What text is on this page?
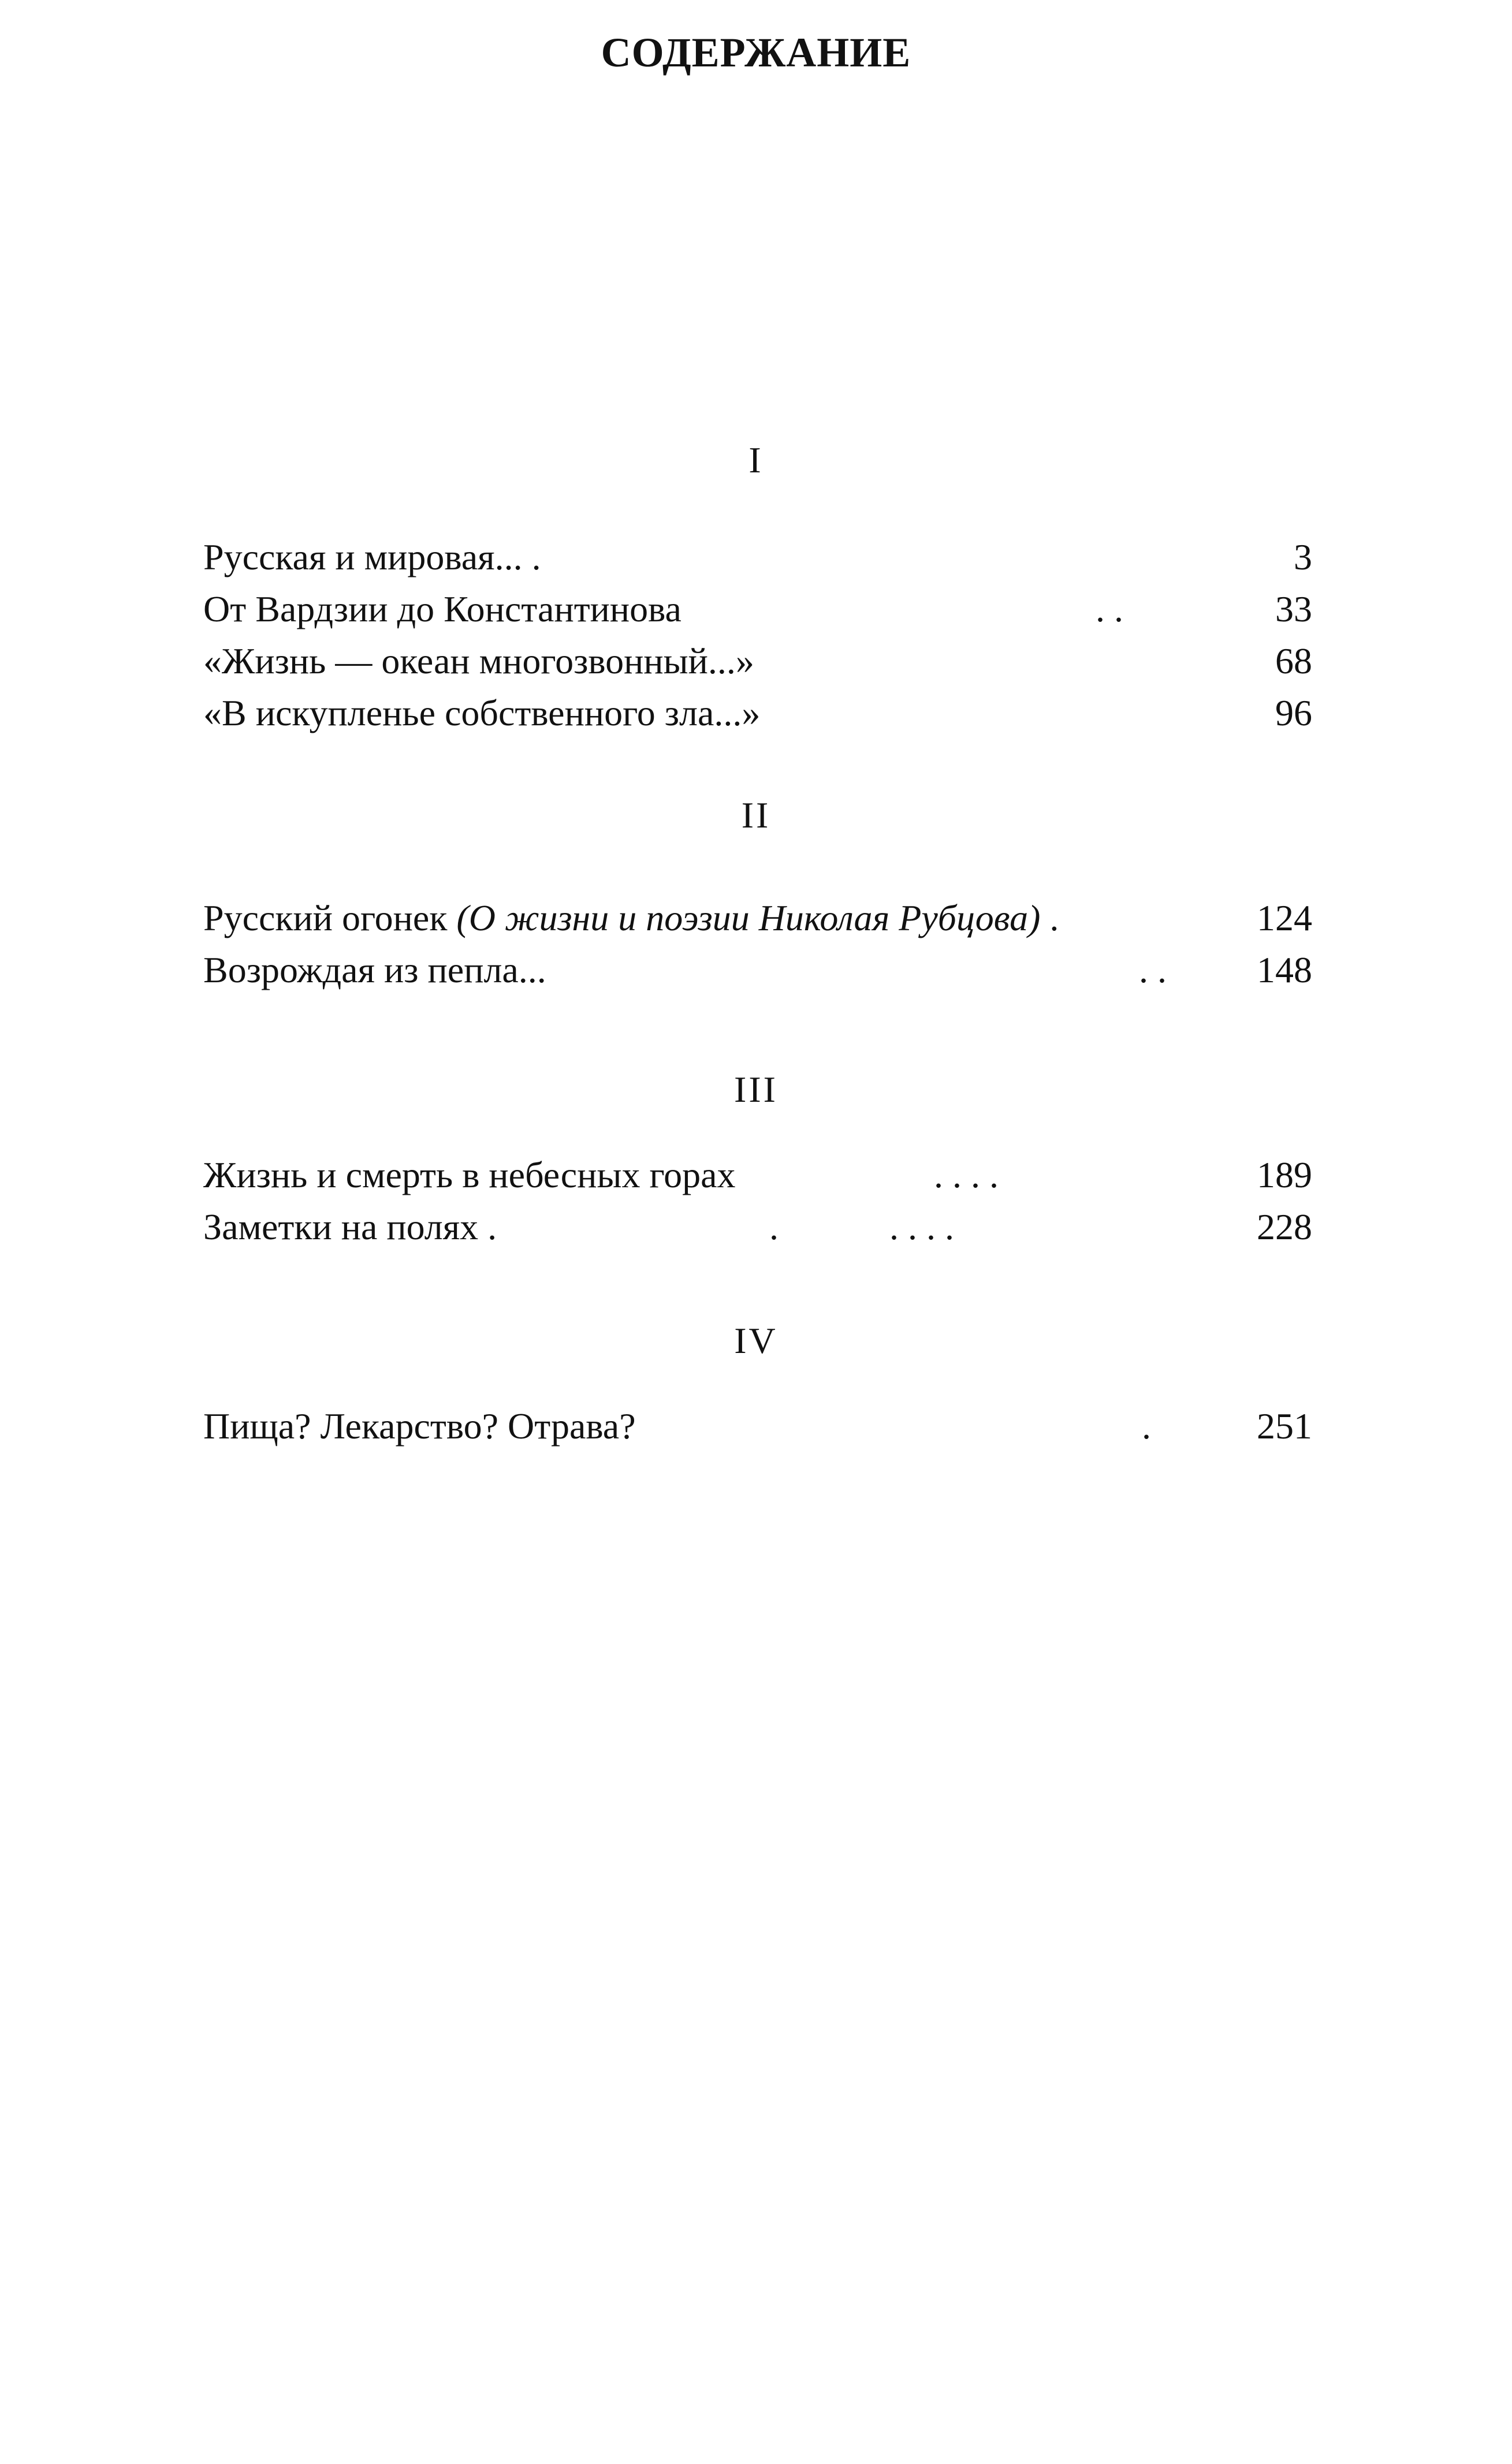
СОДЕРЖАНИЕ
I
Русская и мировая... .	3
От Вардзии до Константинова	. .	33
«Жизнь — океан многозвонный...»	68
«В искупленье собственного зла...»	96
II
Русский огонек (О жизни и поэзии Николая Рубцова) .	124
Возрождая из пепла...	. . 148
III
Жизнь и смерть в небесных горах	. . . .	189
Заметки на полях .	.            . . . .	228
IV
Пища? Лекарство? Отрава?	.	251
